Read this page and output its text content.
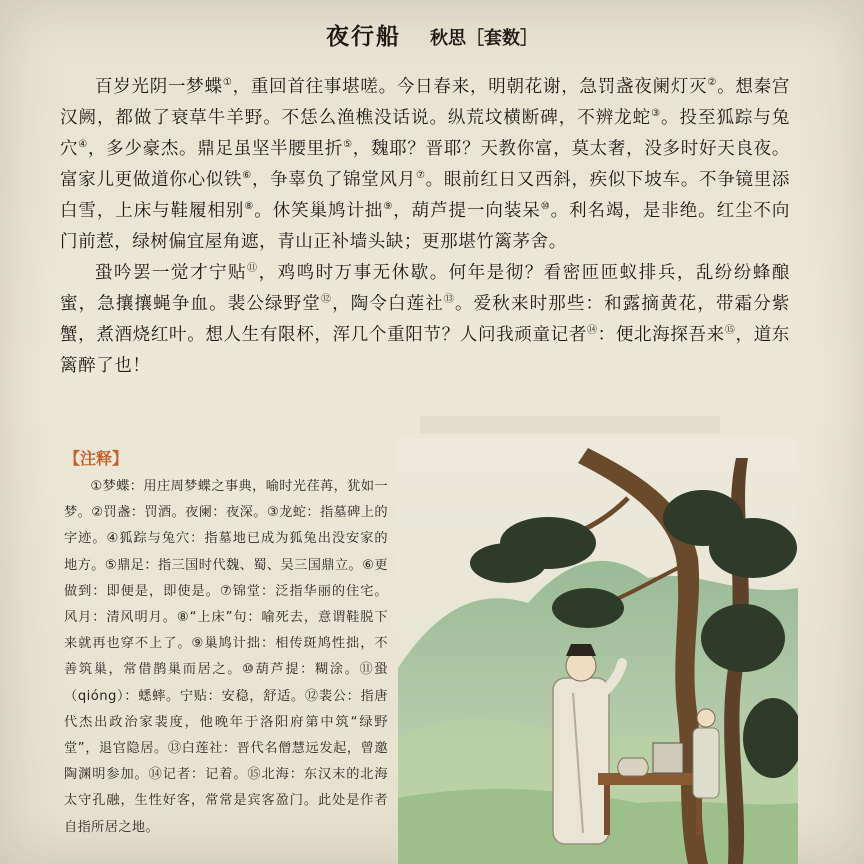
夜行船 秋思［套数］

百岁光阴一梦蝶①，重回首往事堪嗟。今日春来，明朝花谢，急罚盏夜阑灯灭②。想秦宫汉阙，都做了衰草牛羊野。不恁么渔樵没话说。纵荒坟横断碑，不辨龙蛇③。投至狐踪与兔穴④，多少豪杰。鼎足虽坚半腰里折⑤，魏耶？晋耶？天教你富，莫太奢，没多时好天良夜。富家儿更做道你心似铁⑥，争辜负了锦堂风月⑦。眼前红日又西斜，疾似下坡车。不争镜里添白雪，上床与鞋履相别⑧。休笑巢鸠计拙⑨，葫芦提一向装呆⑩。利名竭，是非绝。红尘不向门前惹，绿树偏宜屋角遮，青山正补墙头缺；更那堪竹篱茅舍。

蛩吟罢一觉才宁贴⑪，鸡鸣时万事无休歇。何年是彻？看密匝匝蚁排兵，乱纷纷蜂酿蜜，急攘攘蝇争血。裴公绿野堂⑫，陶令白莲社⑬。爱秋来时那些：和露摘黄花，带霜分紫蟹，煮酒烧红叶。想人生有限杯，浑几个重阳节？人问我顽童记者⑭：便北海探吾来⑮，道东篱醉了也！

【注释】

①梦蝶：用庄周梦蝶之事典，喻时光荏苒，犹如一梦。②罚盏：罚酒。夜阑：夜深。③龙蛇：指墓碑上的字迹。④狐踪与兔穴：指墓地已成为狐兔出没安家的地方。⑤鼎足：指三国时代魏、蜀、吴三国鼎立。⑥更做到：即便是，即使是。⑦锦堂：泛指华丽的住宅。风月：清风明月。⑧“上床”句：喻死去，意谓鞋脱下来就再也穿不上了。⑨巢鸠计拙：相传斑鸠性拙，不善筑巢，常借鹊巢而居之。⑩葫芦提：糊涂。⑪蛩（qióng）：蟋蟀。宁贴：安稳，舒适。⑫裴公：指唐代杰出政治家裴度，他晚年于洛阳府第中筑“绿野堂”，退官隐居。⑬白莲社：晋代名僧慧远发起，曾邀陶渊明参加。⑭记者：记着。⑮北海：东汉末的北海太守孔融，生性好客，常常是宾客盈门。此处是作者自指所居之地。
